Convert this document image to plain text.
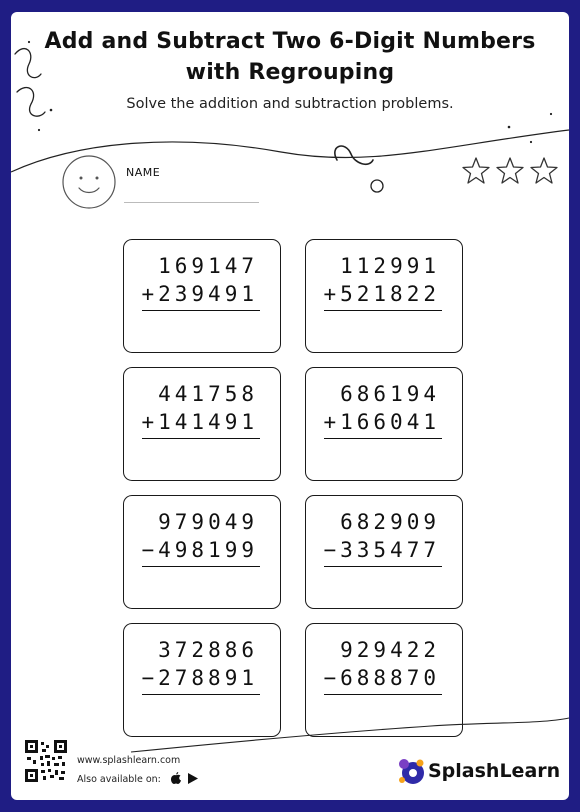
Add and Subtract Two 6-Digit Numbers
with Regrouping
Solve the addition and subtraction problems.
NAME
169147
+239491
112991
+521822
441758
+141491
686194
+166041
979049
−498199
682909
−335477
372886
−278891
929422
−688870
www.splashlearn.com
Also available on:	SplashLearn
